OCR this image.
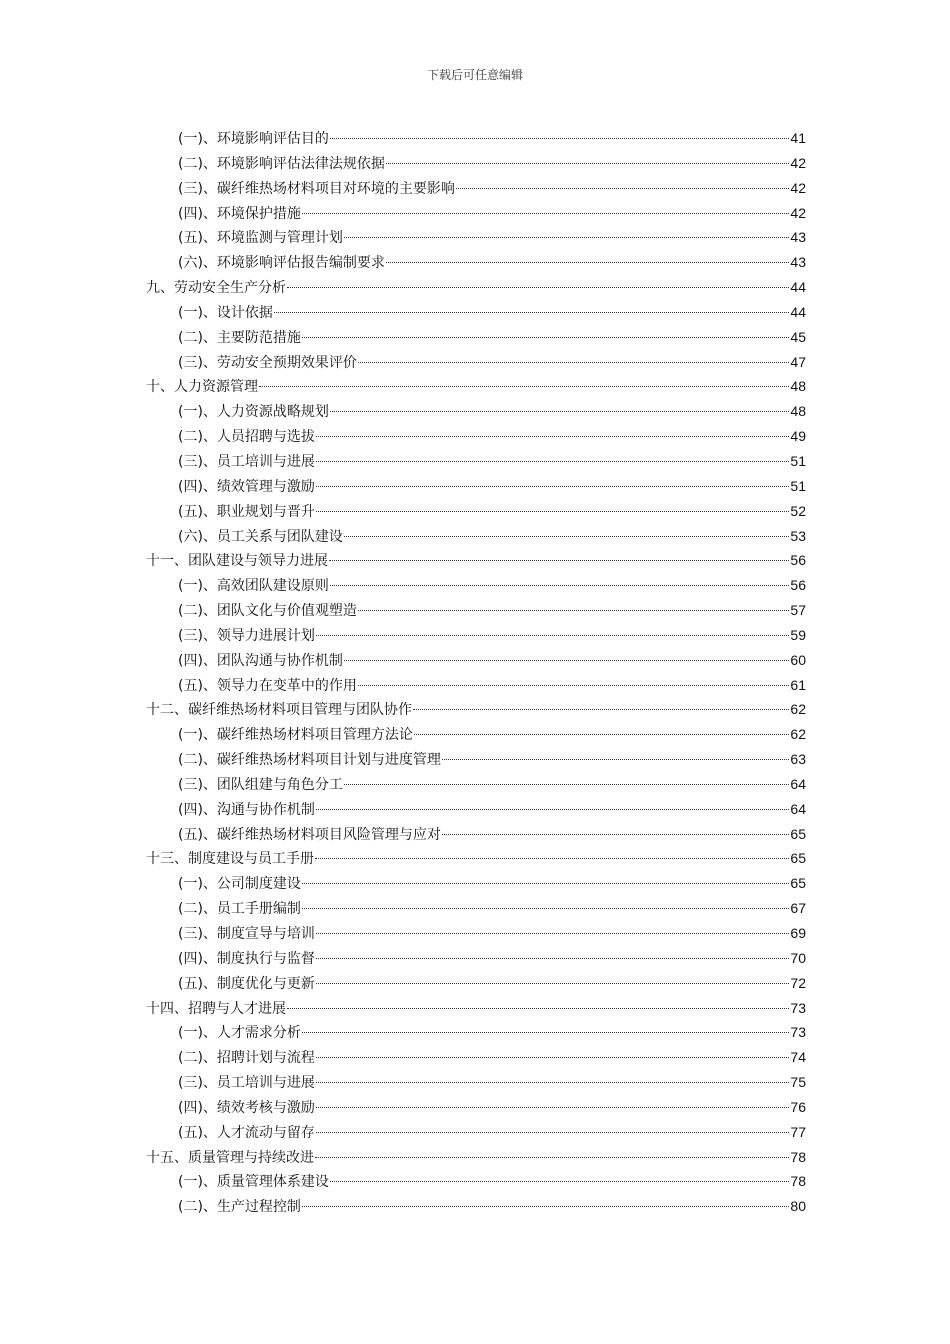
下载后可任意编辑
(一)、环境影响评估目的	41
(二)、环境影响评估法律法规依据	42
(三)、碳纤维热场材料项目对环境的主要影响	42
(四)、环境保护措施	42
(五)、环境监测与管理计划	43
(六)、环境影响评估报告编制要求	43
九、劳动安全生产分析	44
(一)、设计依据	44
(二)、主要防范措施	45
(三)、劳动安全预期效果评价	47
十、人力资源管理	48
(一)、人力资源战略规划	48
(二)、人员招聘与选拔	49
(三)、员工培训与进展	51
(四)、绩效管理与激励	51
(五)、职业规划与晋升	52
(六)、员工关系与团队建设	53
十一、团队建设与领导力进展	56
(一)、高效团队建设原则	56
(二)、团队文化与价值观塑造	57
(三)、领导力进展计划	59
(四)、团队沟通与协作机制	60
(五)、领导力在变革中的作用	61
十二、碳纤维热场材料项目管理与团队协作	62
(一)、碳纤维热场材料项目管理方法论	62
(二)、碳纤维热场材料项目计划与进度管理	63
(三)、团队组建与角色分工	64
(四)、沟通与协作机制	64
(五)、碳纤维热场材料项目风险管理与应对	65
十三、制度建设与员工手册	65
(一)、公司制度建设	65
(二)、员工手册编制	67
(三)、制度宣导与培训	69
(四)、制度执行与监督	70
(五)、制度优化与更新	72
十四、招聘与人才进展	73
(一)、人才需求分析	73
(二)、招聘计划与流程	74
(三)、员工培训与进展	75
(四)、绩效考核与激励	76
(五)、人才流动与留存	77
十五、质量管理与持续改进	78
(一)、质量管理体系建设	78
(二)、生产过程控制	80
